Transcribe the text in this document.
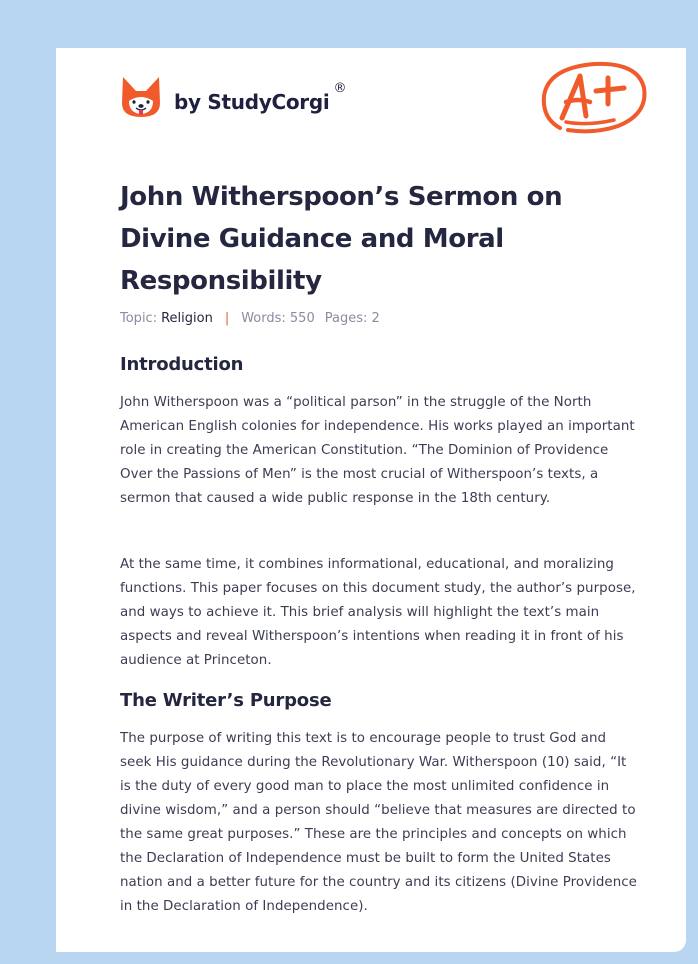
by StudyCorgi
®
John Witherspoon’s Sermon on Divine Guidance and Moral Responsibility
Topic: Religion | Words: 550 Pages: 2
Introduction

John Witherspoon was a “political parson” in the struggle of the North American English colonies for independence. His works played an important role in creating the American Constitution. “The Dominion of Providence Over the Passions of Men” is the most crucial of Witherspoon’s texts, a sermon that caused a wide public response in the 18th century.

At the same time, it combines informational, educational, and moralizing functions. This paper focuses on this document study, the author’s purpose, and ways to achieve it. This brief analysis will highlight the text’s main aspects and reveal Witherspoon’s intentions when reading it in front of his audience at Princeton.

The Writer’s Purpose

The purpose of writing this text is to encourage people to trust God and seek His guidance during the Revolutionary War. Witherspoon (10) said, “It is the duty of every good man to place the most unlimited confidence in divine wisdom,” and a person should “believe that measures are directed to the same great purposes.” These are the principles and concepts on which the Declaration of Independence must be built to form the United States nation and a better future for the country and its citizens (Divine Providence in the Declaration of Independence).
